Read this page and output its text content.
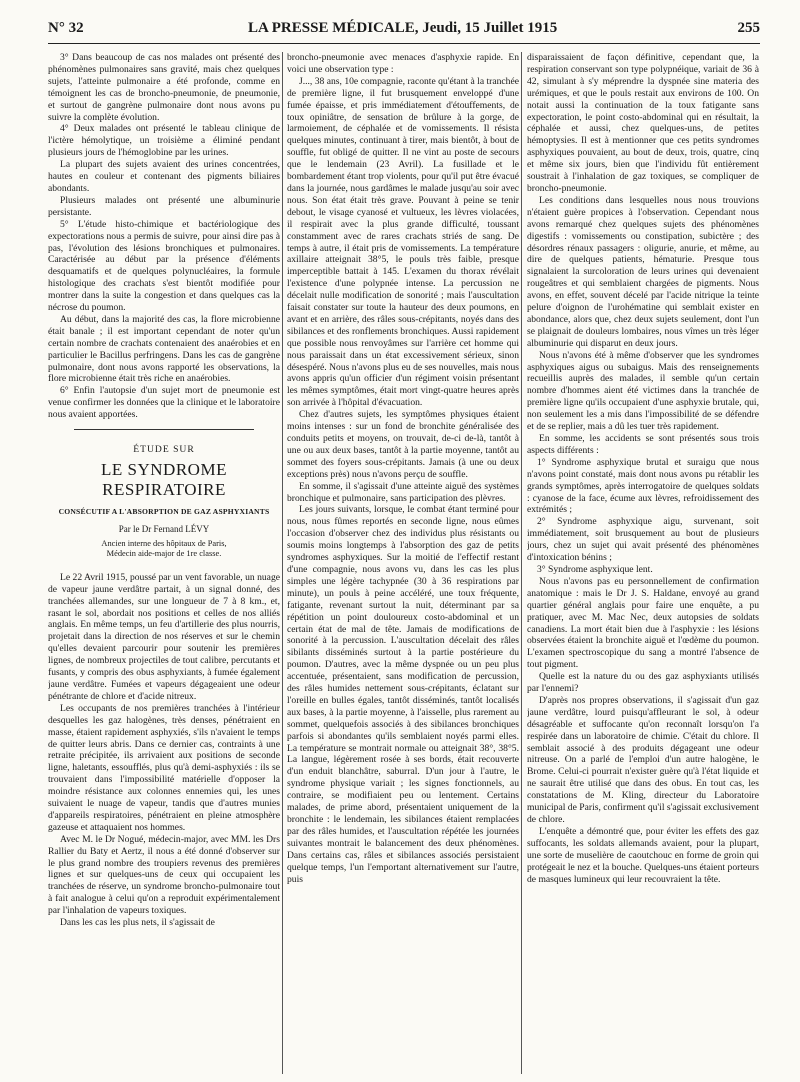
N° 32	LA PRESSE MÉDICALE, Jeudi, 15 Juillet 1915	255

3° Dans beaucoup de cas nos malades ont présenté des phénomènes pulmonaires sans gravité, mais chez quelques sujets, l'atteinte pulmonaire a été profonde, comme en témoignent les cas de broncho-pneumonie, de pneumonie, et surtout de gangrène pulmonaire dont nous avons pu suivre la complète évolution.

4° Deux malades ont présenté le tableau clinique de l'ictère hémolytique, un troisième a éliminé pendant plusieurs jours de l'hémoglobine par les urines.

La plupart des sujets avaient des urines concentrées, hautes en couleur et contenant des pigments biliaires abondants.

Plusieurs malades ont présenté une albuminurie persistante.

5° L'étude histo-chimique et bactériologique des expectorations nous a permis de suivre, pour ainsi dire pas à pas, l'évolution des lésions bronchiques et pulmonaires. Caractérisée au début par la présence d'éléments desquamatifs et de quelques polynucléaires, la formule histologique des crachats s'est bientôt modifiée pour montrer dans la suite la congestion et dans quelques cas la nécrose du poumon.

Au début, dans la majorité des cas, la flore microbienne était banale ; il est important cependant de noter qu'un certain nombre de crachats contenaient des anaérobies et en particulier le Bacillus perfringens. Dans les cas de gangrène pulmonaire, dont nous avons rapporté les observations, la flore microbienne était très riche en anaérobies.

6° Enfin l'autopsie d'un sujet mort de pneumonie est venue confirmer les données que la clinique et le laboratoire nous avaient apportées.

ÉTUDE SUR
LE SYNDROME RESPIRATOIRE
CONSÉCUTIF A L'ABSORPTION DE GAZ ASPHYXIANTS
Par le Dr Fernand LÉVY
Ancien interne des hôpitaux de Paris,
Médecin aide-major de 1re classe.

Le 22 Avril 1915, poussé par un vent favorable, un nuage de vapeur jaune verdâtre partait, à un signal donné, des tranchées allemandes, sur une longueur de 7 à 8 km., et, rasant le sol, abordait nos positions et celles de nos alliés anglais. En même temps, un feu d'artillerie des plus nourris, projetait dans la direction de nos réserves et sur le chemin qu'elles devaient parcourir pour soutenir les premières lignes, de nombreux projectiles de tout calibre, percutants et fusants, y compris des obus asphyxiants, à fumée également jaune verdâtre. Fumées et vapeurs dégageaient une odeur pénétrante de chlore et d'acide nitreux.

Les occupants de nos premières tranchées à l'intérieur desquelles les gaz halogènes, très denses, pénétraient en masse, étaient rapidement asphyxiés, s'ils n'avaient le temps de quitter leurs abris. Dans ce dernier cas, contraints à une retraite précipitée, ils arrivaient aux positions de seconde ligne, haletants, essoufflés, plus qu'à demi-asphyxiés : ils se trouvaient dans l'impossibilité matérielle d'opposer la moindre résistance aux colonnes ennemies qui, les unes suivaient le nuage de vapeur, tandis que d'autres munies d'appareils respiratoires, pénétraient en pleine atmosphère gazeuse et attaquaient nos hommes.

Avec M. le Dr Nogué, médecin-major, avec MM. les Drs Rallier du Baty et Aertz, il nous a été donné d'observer sur le plus grand nombre des troupiers revenus des premières lignes et sur quelques-uns de ceux qui occupaient les tranchées de réserve, un syndrome broncho-pulmonaire tout à fait analogue à celui qu'on a reproduit expérimentalement par l'inhalation de vapeurs toxiques.

Dans les cas les plus nets, il s'agissait de

broncho-pneumonie avec menaces d'asphyxie rapide. En voici une observation type :

J..., 38 ans, 10e compagnie, raconte qu'étant à la tranchée de première ligne, il fut brusquement enveloppé d'une fumée épaisse, et pris immédiatement d'étouffements, de toux opiniâtre, de sensation de brûlure à la gorge, de larmoiement, de céphalée et de vomissements. Il résista quelques minutes, continuant à tirer, mais bientôt, à bout de souffle, fut obligé de quitter. Il ne vint au poste de secours que le lendemain (23 Avril). La fusillade et le bombardement étant trop violents, pour qu'il put être évacué dans la journée, nous gardâmes le malade jusqu'au soir avec nous. Son état était très grave. Pouvant à peine se tenir debout, le visage cyanosé et vultueux, les lèvres violacées, il respirait avec la plus grande difficulté, toussant constamment avec de rares crachats striés de sang. De temps à autre, il était pris de vomissements. La température axillaire atteignait 38°5, le pouls très faible, presque imperceptible battait à 145. L'examen du thorax révélait l'existence d'une polypnée intense. La percussion ne décelait nulle modification de sonorité ; mais l'auscultation faisait constater sur toute la hauteur des deux poumons, en avant et en arrière, des râles sous-crépitants, noyés dans des sibilances et des ronflements bronchiques. Aussi rapidement que possible nous renvoyâmes sur l'arrière cet homme qui nous paraissait dans un état excessivement sérieux, sinon désespéré. Nous n'avons plus eu de ses nouvelles, mais nous avons appris qu'un officier d'un régiment voisin présentant les mêmes symptômes, était mort vingt-quatre heures après son arrivée à l'hôpital d'évacuation.

Chez d'autres sujets, les symptômes physiques étaient moins intenses : sur un fond de bronchite généralisée des conduits petits et moyens, on trouvait, de-ci de-là, tantôt à une ou aux deux bases, tantôt à la partie moyenne, tantôt au sommet des foyers sous-crépitants. Jamais (à une ou deux exceptions près) nous n'avons perçu de souffle.

En somme, il s'agissait d'une atteinte aiguë des systèmes bronchique et pulmonaire, sans participation des plèvres.

Les jours suivants, lorsque, le combat étant terminé pour nous, nous fûmes reportés en seconde ligne, nous eûmes l'occasion d'observer chez des individus plus résistants ou soumis moins longtemps à l'absorption des gaz de petits syndromes asphyxiques. Sur la moitié de l'effectif restant d'une compagnie, nous avons vu, dans les cas les plus simples une légère tachypnée (30 à 36 respirations par minute), un pouls à peine accéléré, une toux fréquente, fatigante, revenant surtout la nuit, déterminant par sa répétition un point douloureux costo-abdominal et un certain état de mal de tête. Jamais de modifications de sonorité à la percussion. L'auscultation décelait des râles sibilants disséminés surtout à la partie postérieure du poumon. D'autres, avec la même dyspnée ou un peu plus accentuée, présentaient, sans modification de percussion, des râles humides nettement sous-crépitants, éclatant sur l'oreille en bulles égales, tantôt disséminés, tantôt localisés aux bases, à la partie moyenne, à l'aisselle, plus rarement au sommet, quelquefois associés à des sibilances bronchiques parfois si abondantes qu'ils semblaient noyés parmi elles. La température se montrait normale ou atteignait 38°, 38°5. La langue, légèrement rosée à ses bords, était recouverte d'un enduit blanchâtre, saburral. D'un jour à l'autre, le syndrome physique variait ; les signes fonctionnels, au contraire, se modifiaient peu ou lentement. Certains malades, de prime abord, présentaient uniquement de la bronchite : le lendemain, les sibilances étaient remplacées par des râles humides, et l'auscultation répétée les journées suivantes montrait le balancement des deux phénomènes. Dans certains cas, râles et sibilances associés persistaient quelque temps, l'un l'emportant alternativement sur l'autre, puis

disparaissaient de façon définitive, cependant que, la respiration conservant son type polypnéique, variait de 36 à 42, simulant à s'y méprendre la dyspnée sine materia des urémiques, et que le pouls restait aux environs de 100. On notait aussi la continuation de la toux fatigante sans expectoration, le point costo-abdominal qui en résultait, la céphalée et aussi, chez quelques-uns, de petites hémoptysies. Il est à mentionner que ces petits syndromes asphyxiques pouvaient, au bout de deux, trois, quatre, cinq et même six jours, bien que l'individu fût entièrement soustrait à l'inhalation de gaz toxiques, se compliquer de broncho-pneumonie.

Les conditions dans lesquelles nous nous trouvions n'étaient guère propices à l'observation. Cependant nous avons remarqué chez quelques sujets des phénomènes digestifs : vomissements ou constipation, subictère ; des désordres rénaux passagers : oligurie, anurie, et même, au dire de quelques patients, hématurie. Presque tous signalaient la surcoloration de leurs urines qui devenaient rougeâtres et qui semblaient chargées de pigments. Nous avons, en effet, souvent décelé par l'acide nitrique la teinte pelure d'oignon de l'urohématine qui semblait exister en abondance, alors que, chez deux sujets seulement, dont l'un se plaignait de douleurs lombaires, nous vîmes un très léger albuminurie qui disparut en deux jours.

Nous n'avons été à même d'observer que les syndromes asphyxiques aigus ou subaigus. Mais des renseignements recueillis auprès des malades, il semble qu'un certain nombre d'hommes aient été victimes dans la tranchée de première ligne qu'ils occupaient d'une asphyxie brutale, qui, non seulement les a mis dans l'impossibilité de se défendre et de se replier, mais a dû les tuer très rapidement.

En somme, les accidents se sont présentés sous trois aspects différents :

1° Syndrome asphyxique brutal et suraigu que nous n'avons point constaté, mais dont nous avons pu rétablir les grands symptômes, après interrogatoire de quelques soldats : cyanose de la face, écume aux lèvres, refroidissement des extrémités ;

2° Syndrome asphyxique aigu, survenant, soit immédiatement, soit brusquement au bout de plusieurs jours, chez un sujet qui avait présenté des phénomènes d'intoxication bénins ;

3° Syndrome asphyxique lent.

Nous n'avons pas eu personnellement de confirmation anatomique : mais le Dr J. S. Haldane, envoyé au grand quartier général anglais pour faire une enquête, a pu pratiquer, avec M. Mac Nec, deux autopsies de soldats canadiens. La mort était bien due à l'asphyxie : les lésions observées étaient la bronchite aiguë et l'œdème du poumon. L'examen spectroscopique du sang a montré l'absence de tout pigment.

Quelle est la nature du ou des gaz asphyxiants utilisés par l'ennemi?

D'après nos propres observations, il s'agissait d'un gaz jaune verdâtre, lourd puisqu'affleurant le sol, à odeur désagréable et suffocante qu'on reconnaît lorsqu'on l'a respirée dans un laboratoire de chimie. C'était du chlore. Il semblait associé à des produits dégageant une odeur nitreuse. On a parlé de l'emploi d'un autre halogène, le Brome. Celui-ci pourrait n'exister guère qu'à l'état liquide et ne saurait être utilisé que dans des obus. En tout cas, les constatations de M. Kling, directeur du Laboratoire municipal de Paris, confirment qu'il s'agissait exclusivement de chlore.

L'enquête a démontré que, pour éviter les effets des gaz suffocants, les soldats allemands avaient, pour la plupart, une sorte de muselière de caoutchouc en forme de groin qui protégeait le nez et la bouche. Quelques-uns étaient porteurs de masques lumineux qui leur recouvraient la tête.
